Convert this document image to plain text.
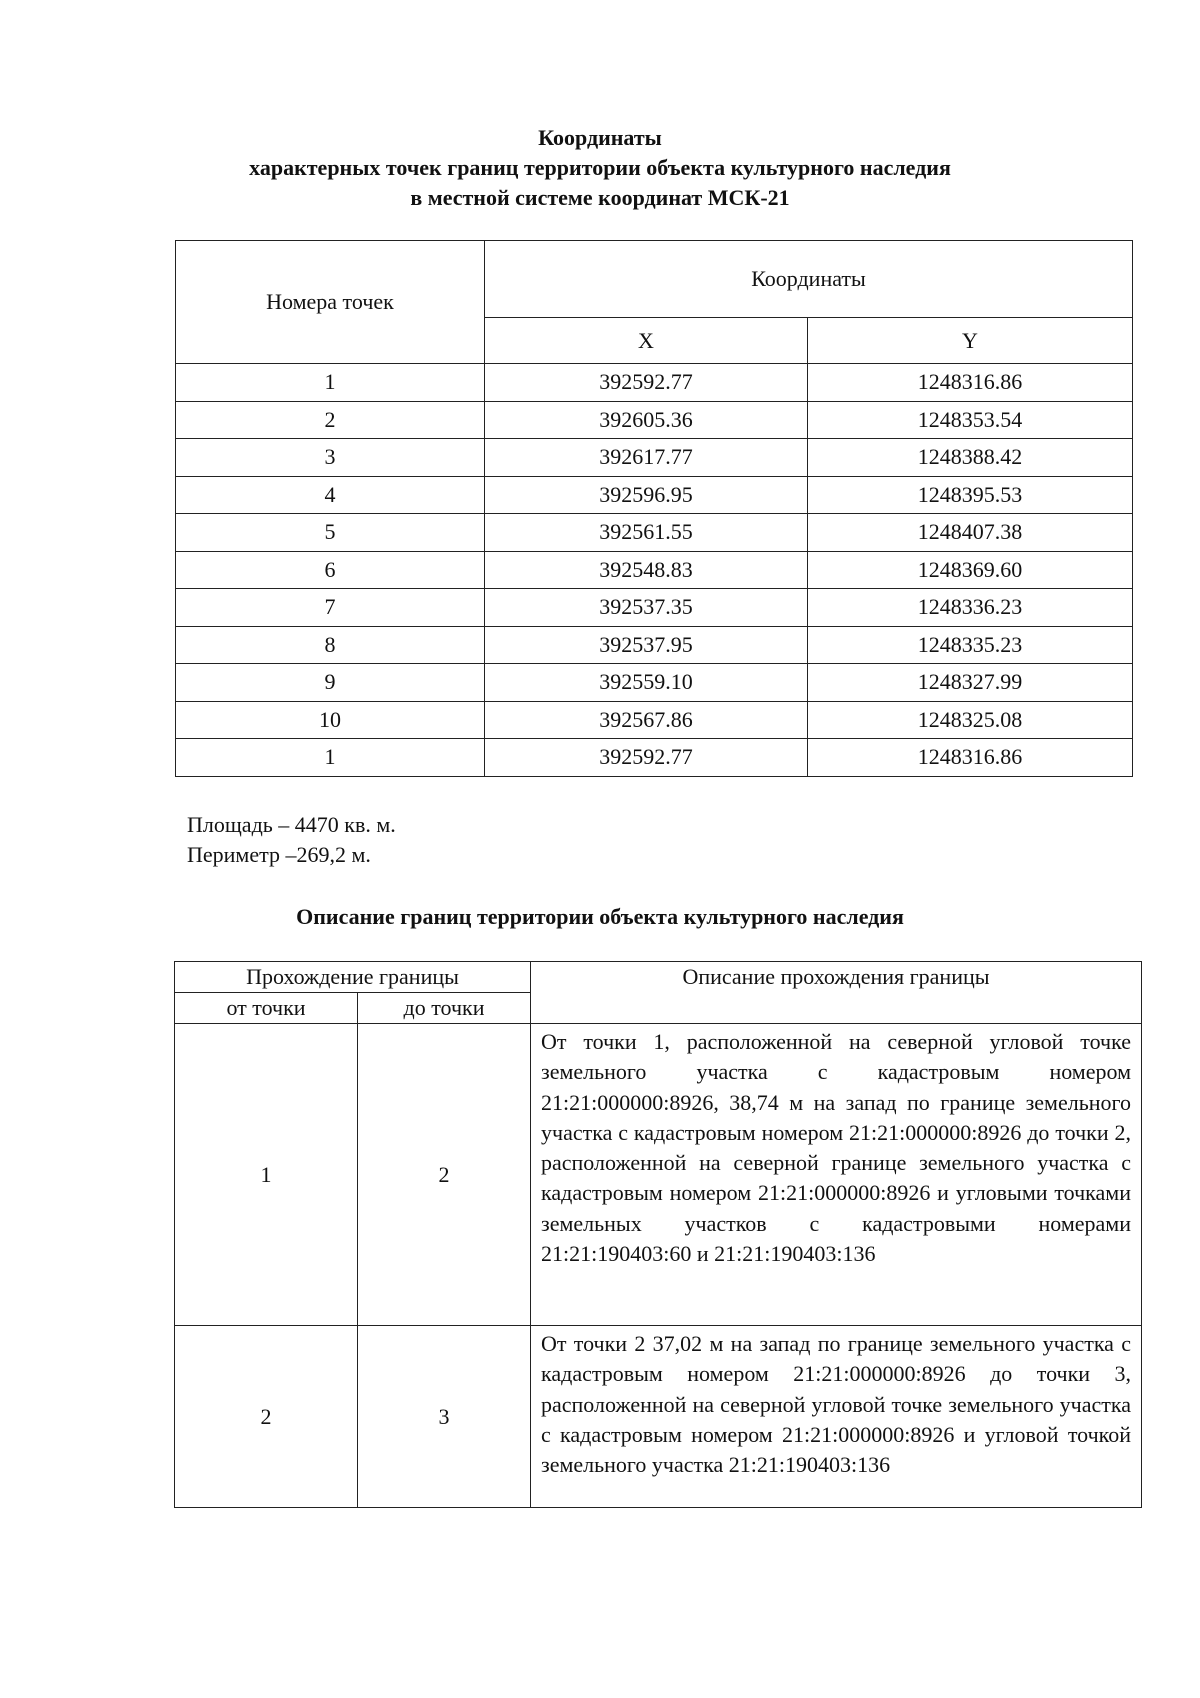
Координаты
характерных точек границ территории объекта культурного наследия
в местной системе координат МСК-21
Номера точек	Координаты	
	X	Y
1	392592.77	1248316.86
2	392605.36	1248353.54
3	392617.77	1248388.42
4	392596.95	1248395.53
5	392561.55	1248407.38
6	392548.83	1248369.60
7	392537.35	1248336.23
8	392537.95	1248335.23
9	392559.10	1248327.99
10	392567.86	1248325.08
1	392592.77	1248316.86
Площадь – 4470 кв. м.
Периметр –269,2 м.
Описание границ территории объекта культурного наследия
Прохождение границы		Описание прохождения границы
от точки	до точки	
1	2	От точки 1, расположенной на северной угловой точке земельного участка с кадастровым номером 21:21:000000:8926, 38,74 м на запад по границе земельного участка с кадастровым номером 21:21:000000:8926 до точки 2, расположенной на северной границе земельного участка с кадастровым номером 21:21:000000:8926 и угловыми точками земельных участков с кадастровыми номерами 21:21:190403:60 и 21:21:190403:136
2	3	От точки 2 37,02 м на запад по границе земельного участка с кадастровым номером 21:21:000000:8926 до точки 3, расположенной на северной угловой точке земельного участка с кадастровым номером 21:21:000000:8926 и угловой точкой земельного участка 21:21:190403:136
